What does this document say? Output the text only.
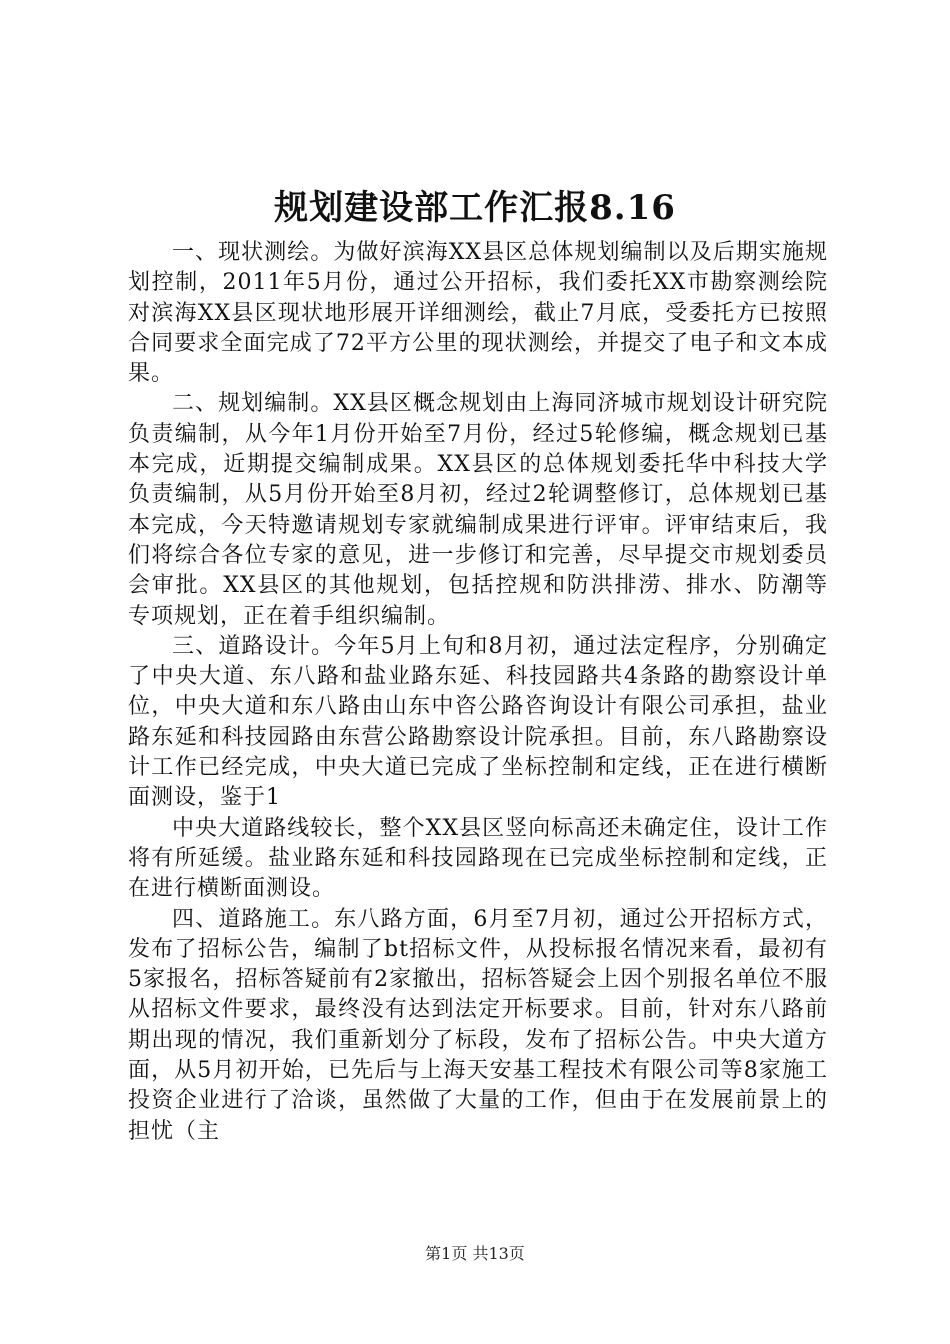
规划建设部工作汇报8.16

一、现状测绘。为做好滨海XX县区总体规划编制以及后期实施规划控制，2011年5月份，通过公开招标，我们委托XX市勘察测绘院对滨海XX县区现状地形展开详细测绘，截止7月底，受委托方已按照合同要求全面完成了72平方公里的现状测绘，并提交了电子和文本成果。

二、规划编制。XX县区概念规划由上海同济城市规划设计研究院负责编制，从今年1月份开始至7月份，经过5轮修编，概念规划已基本完成，近期提交编制成果。XX县区的总体规划委托华中科技大学负责编制，从5月份开始至8月初，经过2轮调整修订，总体规划已基本完成，今天特邀请规划专家就编制成果进行评审。评审结束后，我们将综合各位专家的意见，进一步修订和完善，尽早提交市规划委员会审批。XX县区的其他规划，包括控规和防洪排涝、排水、防潮等专项规划，正在着手组织编制。

三、道路设计。今年5月上旬和8月初，通过法定程序，分别确定了中央大道、东八路和盐业路东延、科技园路共4条路的勘察设计单位，中央大道和东八路由山东中咨公路咨询设计有限公司承担，盐业路东延和科技园路由东营公路勘察设计院承担。目前，东八路勘察设计工作已经完成，中央大道已完成了坐标控制和定线，正在进行横断面测设，鉴于1

中央大道路线较长，整个XX县区竖向标高还未确定住，设计工作将有所延缓。盐业路东延和科技园路现在已完成坐标控制和定线，正在进行横断面测设。

四、道路施工。东八路方面，6月至7月初，通过公开招标方式，发布了招标公告，编制了bt招标文件，从投标报名情况来看，最初有5家报名，招标答疑前有2家撤出，招标答疑会上因个别报名单位不服从招标文件要求，最终没有达到法定开标要求。目前，针对东八路前期出现的情况，我们重新划分了标段，发布了招标公告。中央大道方面，从5月初开始，已先后与上海天安基工程技术有限公司等8家施工投资企业进行了洽谈，虽然做了大量的工作，但由于在发展前景上的担忧（主

第1页 共13页
